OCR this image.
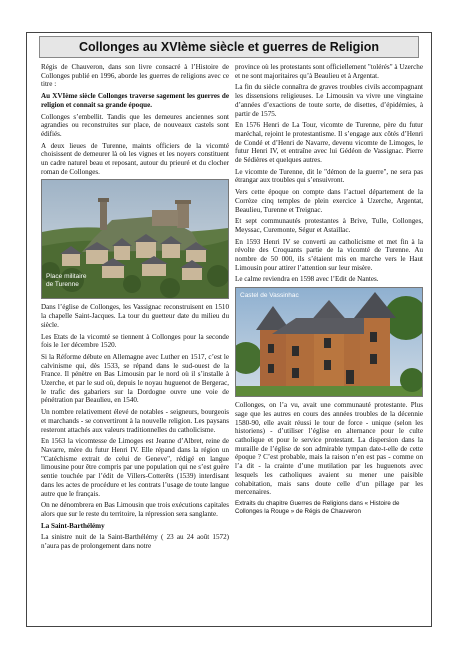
Collonges au XVIème siècle et guerres de Religion

Régis de Chauveron, dans son livre consacré à l’Histoire de Collonges publié en 1996, aborde les guerres de religions avec ce titre :

Au XVIème siècle Collonges traverse sagement les guerres de religion et connait sa grande époque.

Collonges s’embellit. Tandis que les demeures anciennes sont agrandies ou reconstruites sur place, de nouveaux castels sont édifiés.

A deux lieues de Turenne, maints officiers de la vicomté choisissent de demeurer là où les vignes et les noyers constituent un cadre naturel beau et reposant, autour du prieuré et du clocher roman de Collonges.

Place militaire
de Turenne

Dans l’église de Collonges, les Vassignac reconstruisent en 1510 la chapelle Saint-Jacques. La tour du guetteur date du milieu du siècle.

Les Etats de la vicomté se tiennent à Collonges pour la seconde fois le 1er décembre 1520.

Si la Réforme débute en Allemagne avec Luther en 1517, c’est le calvinisme qui, dès 1533, se répand dans le sud-ouest de la France. Il pénètre en Bas Limousin par le nord où il s’installe à Uzerche, et par le sud où, depuis le noyau huguenot de Bergerac, le trafic des gabariers sur la Dordogne ouvre une voie de pénétration par Beaulieu, en 1540.

Un nombre relativement élevé de notables - seigneurs, bourgeois et marchands - se convertiront à la nouvelle religion. Les paysans resteront attachés aux valeurs traditionnelles du catholicisme.

En 1563 la vicomtesse de Limoges est Jeanne d’Albret, reine de Navarre, mère du futur Henri IV. Elle répand dans la région un "Catéchisme extrait de celui de Geneve", rédigé en langue limousine pour être compris par une population qui ne s’est guère sentie touchée par l’édit de Villers-Cotterêts (1539) interdisant dans les actes de procédure et les contrats l’usage de toute langue autre que le français.

On ne dénombrera en Bas Limousin que trois exécutions capitales alors que sur le reste du territoire, la répression sera sanglante.

La Saint-Barthélémy

La sinistre nuit de la Saint-Barthélémy ( 23 au 24 août 1572) n’aura pas de prolongement dans notre

province où les protestants sont officiellement "tolérés" à Uzerche et ne sont majoritaires qu’à Beaulieu et à Argentat.

La fin du siècle connaîtra de graves troubles civils accompagnant les dissensions religieuses. Le Limousin va vivre une vingtaine d’années d’exactions de toute sorte, de disettes, d’épidémies, à partir de 1575.

En 1576 Henri de La Tour, vicomte de Turenne, père du futur maréchal, rejoint le protestantisme. Il s’engage aux côtés d’Henri de Condé et d’Henri de Navarre, devenu vicomte de Limoges, le futur Henri IV, et entraîne avec lui Gédéon de Vassignac. Pierre de Sédières et quelques autres.

Le vicomte de Turenne, dit le "démon de la guerre", ne sera pas étrangar aux troubles qui s’ensuivront.

Vers cette époque on compte dans l’actuel département de la Corrèze cinq temples de plein exercice à Uzerche, Argentat, Beaulieu, Turenne et Treignac.

Et sept communautés protestantes à Brive, Tulle, Collonges, Meyssac, Curemonte, Ségur et Astaillac.

En 1593 Henri IV se converti au catholicisme et met fin à la révolte des Croquants partie de la vicomté de Turenne. Au nombre de 50 000, ils s’étaient mis en marche vers le Haut Limousin pour attirer l’attention sur leur misère.

Le calme reviendra en 1598 avec l’Edit de Nantes.

Castel de Vassinhac

Collonges, on l’a vu, avait une communauté protestante. Plus sage que les autres en cours des années troubles de la décennie 1580-90, elle avait réussi le tour de force - unique (selon les historiens) - d’utiliser l’église en alternance pour le culte catholique et pour le service protestant. La dispersion dans la muraille de l’église de son admirable tympan date-t-elle de cette époque ? C’est probable, mais la raison n’en est pas - comme on l’a dit - la crainte d’une mutilation par les huguenots avec lesquels les catholiques avaient su mener une paisible cohabitation, mais sans doute celle d’un pillage par les mercenaires.

Extraits du chapitre Guerres de Religions dans « Histoire de Collonges la Rouge » de Régis de Chauveron
